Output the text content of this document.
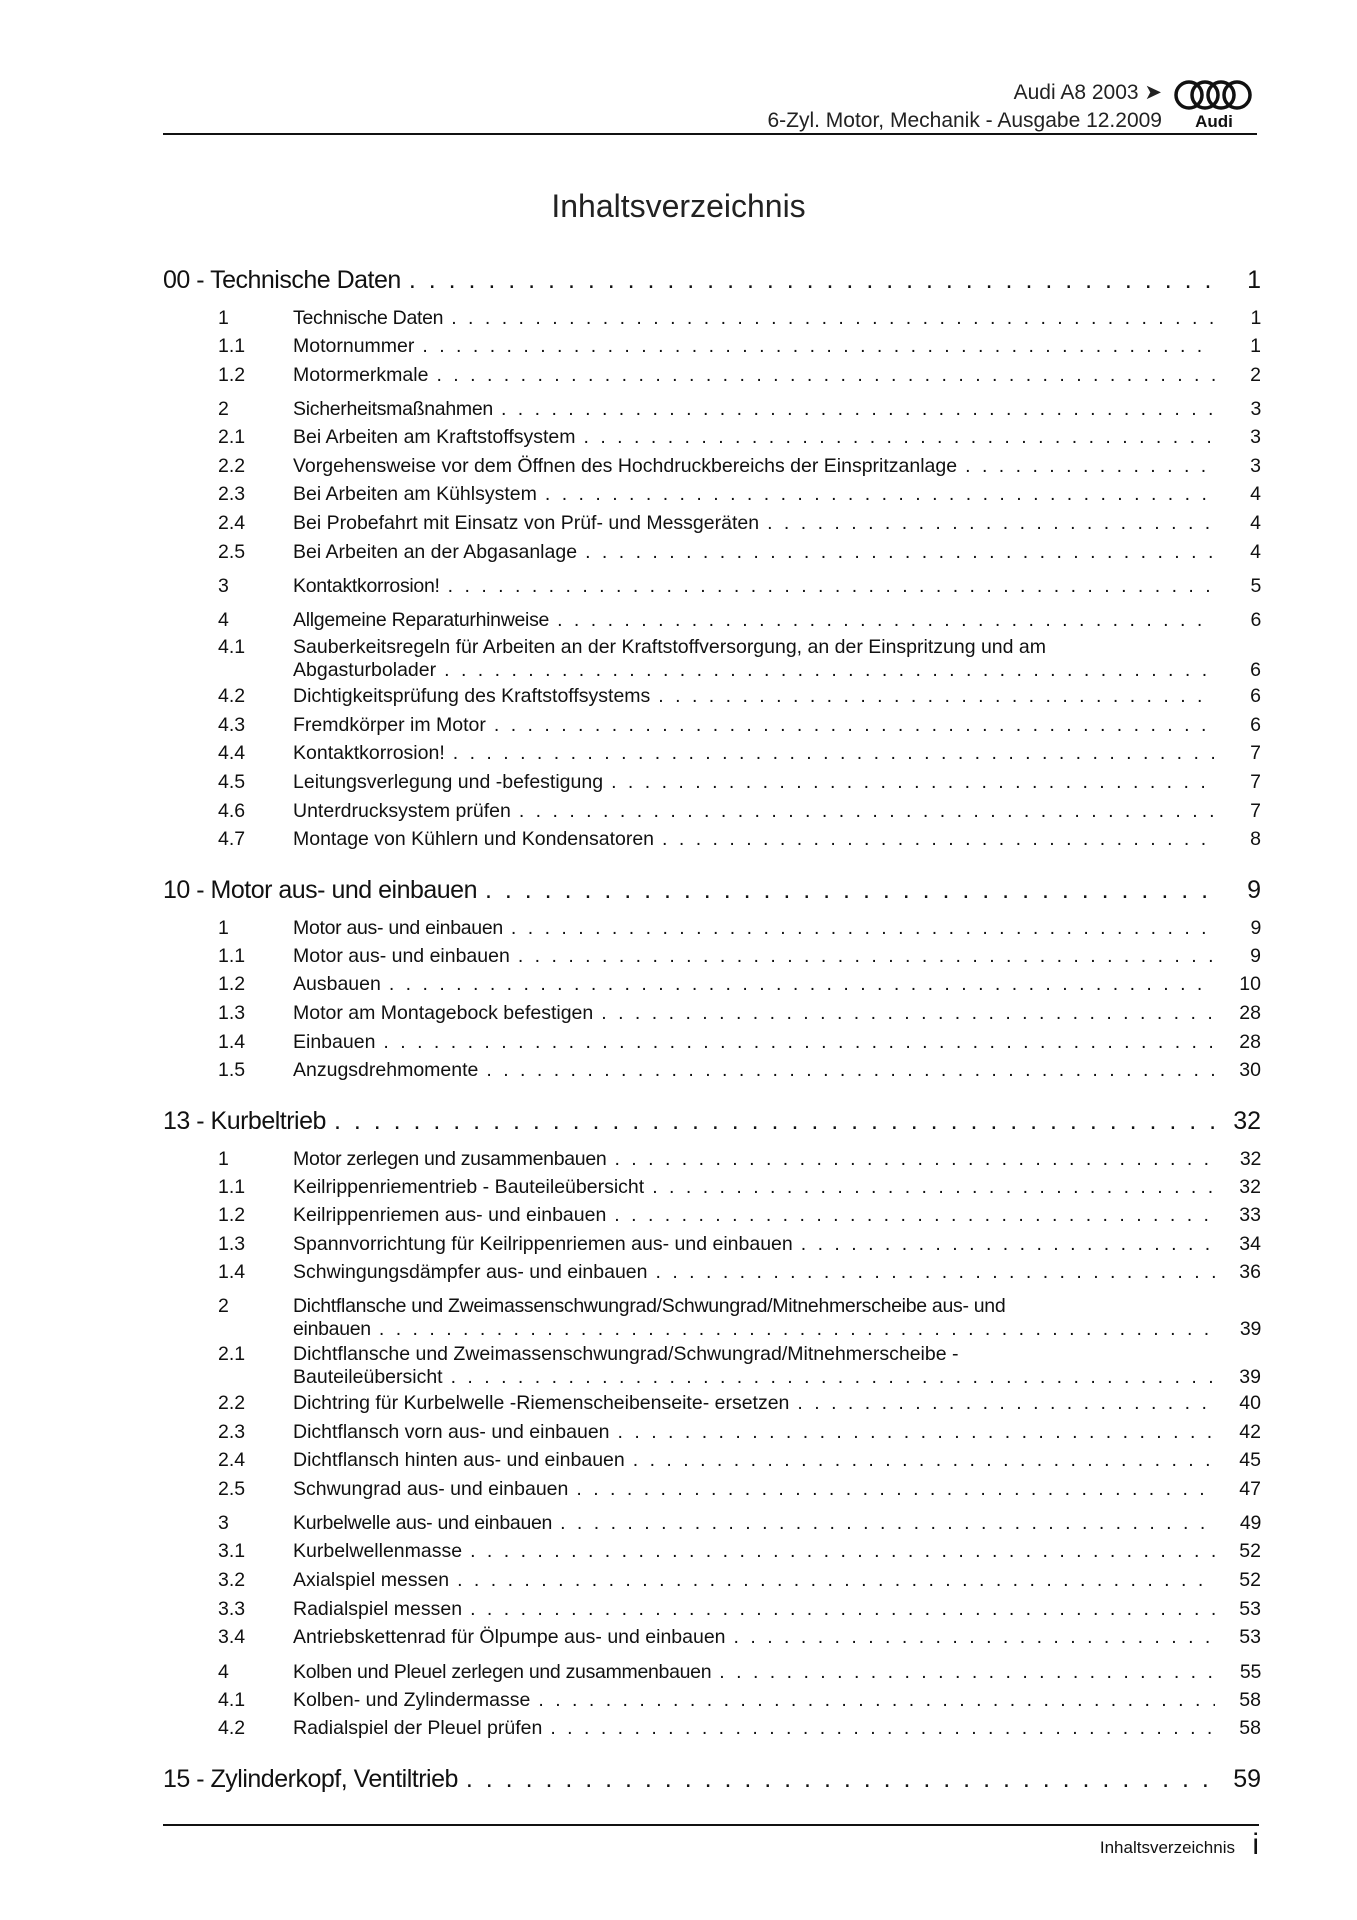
Audi A8 2003 ➤
6-Zyl. Motor, Mechanik - Ausgabe 12.2009 Audi
Inhaltsverzeichnis
00 - Technische Daten . . .	1
1	Technische Daten . . .	1
1.1	Motornummer . . .	1
1.2	Motormerkmale . . .	2
2	Sicherheitsmaßnahmen . . .	3
2.1	Bei Arbeiten am Kraftstoffsystem . . .	3
2.2	Vorgehensweise vor dem Öffnen des Hochdruckbereichs der Einspritzanlage . . .	3
2.3	Bei Arbeiten am Kühlsystem . . .	4
2.4	Bei Probefahrt mit Einsatz von Prüf- und Messgeräten . . .	4
2.5	Bei Arbeiten an der Abgasanlage . . .	4
3	Kontaktkorrosion! . . .	5
4	Allgemeine Reparaturhinweise . . .	6
4.1	Sauberkeitsregeln für Arbeiten an der Kraftstoffversorgung, an der Einspritzung und am
Abgasturbolader . . .	6
4.2	Dichtigkeitsprüfung des Kraftstoffsystems . . .	6
4.3	Fremdkörper im Motor . . .	6
4.4	Kontaktkorrosion! . . .	7
4.5	Leitungsverlegung und -befestigung . . .	7
4.6	Unterdrucksystem prüfen . . .	7
4.7	Montage von Kühlern und Kondensatoren . . .	8
10 - Motor aus- und einbauen . . .	9
1	Motor aus- und einbauen . . .	9
1.1	Motor aus- und einbauen . . .	9
1.2	Ausbauen . . .	10
1.3	Motor am Montagebock befestigen . . .	28
1.4	Einbauen . . .	28
1.5	Anzugsdrehmomente . . .	30
13 - Kurbeltrieb . . .	32
1	Motor zerlegen und zusammenbauen . . .	32
1.1	Keilrippenriementrieb - Bauteileübersicht . . .	32
1.2	Keilrippenriemen aus- und einbauen . . .	33
1.3	Spannvorrichtung für Keilrippenriemen aus- und einbauen . . .	34
1.4	Schwingungsdämpfer aus- und einbauen . . .	36
2	Dichtflansche und Zweimassenschwungrad/Schwungrad/Mitnehmerscheibe aus- und
einbauen . . .	39
2.1	Dichtflansche und Zweimassenschwungrad/Schwungrad/Mitnehmerscheibe -
Bauteileübersicht . . .	39
2.2	Dichtring für Kurbelwelle -Riemenscheibenseite- ersetzen . . .	40
2.3	Dichtflansch vorn aus- und einbauen . . .	42
2.4	Dichtflansch hinten aus- und einbauen . . .	45
2.5	Schwungrad aus- und einbauen . . .	47
3	Kurbelwelle aus- und einbauen . . .	49
3.1	Kurbelwellenmasse . . .	52
3.2	Axialspiel messen . . .	52
3.3	Radialspiel messen . . .	53
3.4	Antriebskettenrad für Ölpumpe aus- und einbauen . . .	53
4	Kolben und Pleuel zerlegen und zusammenbauen . . .	55
4.1	Kolben- und Zylindermasse . . .	58
4.2	Radialspiel der Pleuel prüfen . . .	58
15 - Zylinderkopf, Ventiltrieb . . .	59
Inhaltsverzeichnis i
